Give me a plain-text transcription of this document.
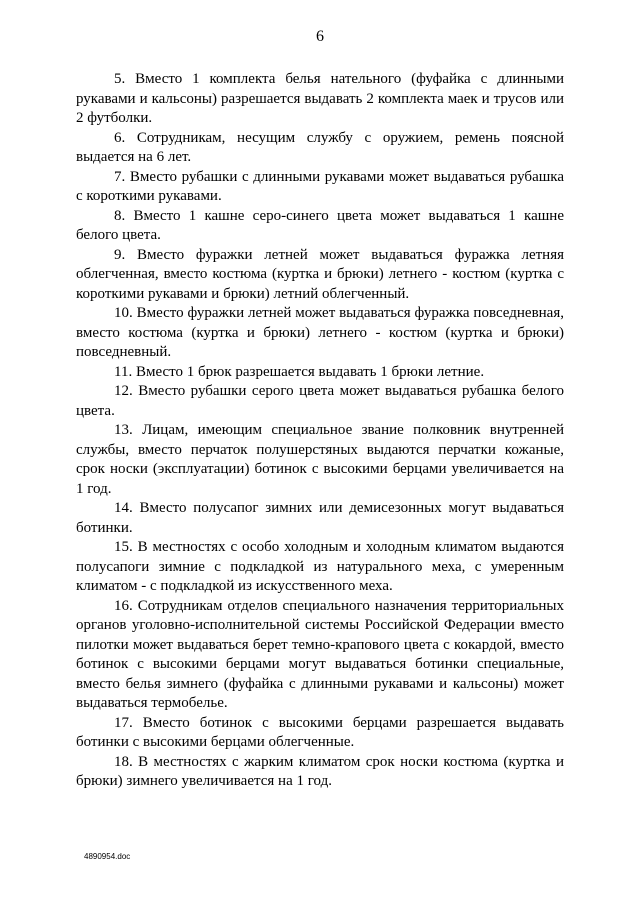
6

5. Вместо 1 комплекта белья нательного (фуфайка с длинными рукавами и кальсоны) разрешается выдавать 2 комплекта маек и трусов или 2 футболки.

6. Сотрудникам, несущим службу с оружием, ремень поясной выдается на 6 лет.

7. Вместо рубашки с длинными рукавами может выдаваться рубашка с короткими рукавами.

8. Вместо 1 кашне серо-синего цвета может выдаваться 1 кашне белого цвета.

9. Вместо фуражки летней может выдаваться фуражка летняя облегченная, вместо костюма (куртка и брюки) летнего - костюм (куртка с короткими рукавами и брюки) летний облегченный.

10. Вместо фуражки летней может выдаваться фуражка повседневная, вместо костюма (куртка и брюки) летнего - костюм (куртка и брюки) повседневный.

11. Вместо 1 брюк разрешается выдавать 1 брюки летние.

12. Вместо рубашки серого цвета может выдаваться рубашка белого цвета.

13. Лицам, имеющим специальное звание полковник внутренней службы, вместо перчаток полушерстяных выдаются перчатки кожаные, срок носки (эксплуатации) ботинок с высокими берцами увеличивается на 1 год.

14. Вместо полусапог зимних или демисезонных могут выдаваться ботинки.

15. В местностях с особо холодным и холодным климатом выдаются полусапоги зимние с подкладкой из натурального меха, с умеренным климатом - с подкладкой из искусственного меха.

16. Сотрудникам отделов специального назначения территориальных органов уголовно-исполнительной системы Российской Федерации вместо пилотки может выдаваться берет темно-крапового цвета с кокардой, вместо ботинок с высокими берцами могут выдаваться ботинки специальные, вместо белья зимнего (фуфайка с длинными рукавами и кальсоны) может выдаваться термобелье.

17. Вместо ботинок с высокими берцами разрешается выдавать ботинки с высокими берцами облегченные.

18. В местностях с жарким климатом срок носки костюма (куртка и брюки) зимнего увеличивается на 1 год.

4890954.doc
